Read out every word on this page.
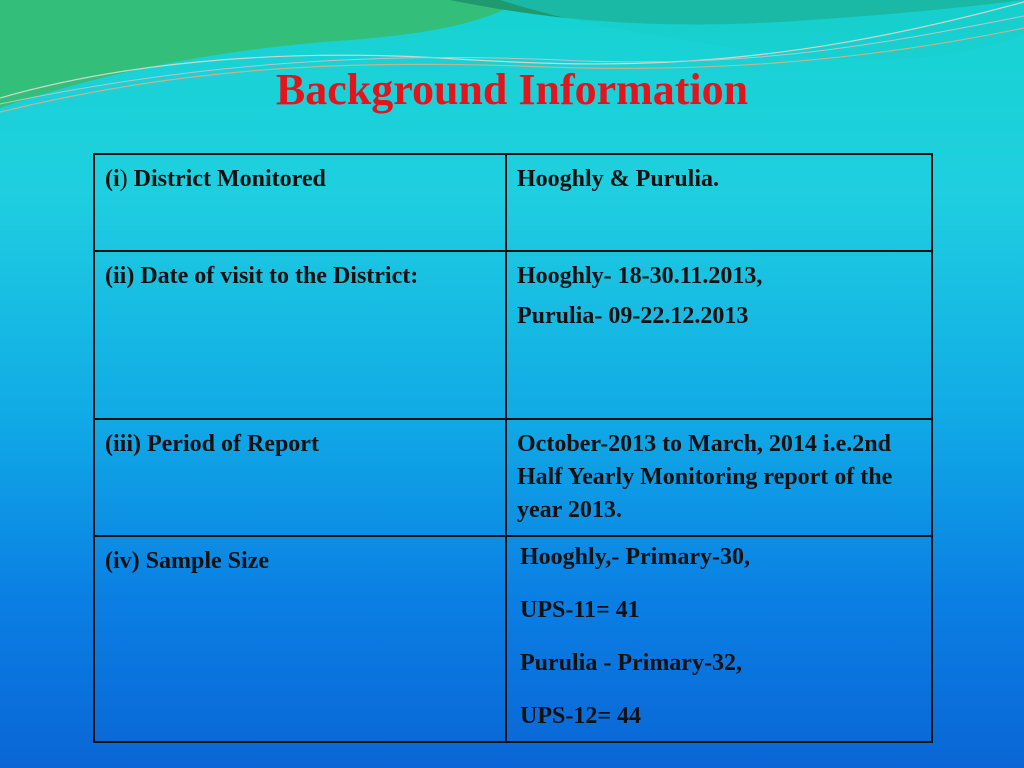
Background Information
(i) District Monitored	Hooghly & Purulia.
(ii) Date of visit to the District:	Hooghly- 18-30.11.2013,
Purulia- 09-22.12.2013

(iii) Period of Report	October-2013 to March, 2014 i.e.2nd Half Yearly Monitoring report of the year 2013.
(iv) Sample Size	Hooghly,- Primary-30,
UPS-11= 41
Purulia - Primary-32,
UPS-12= 44
